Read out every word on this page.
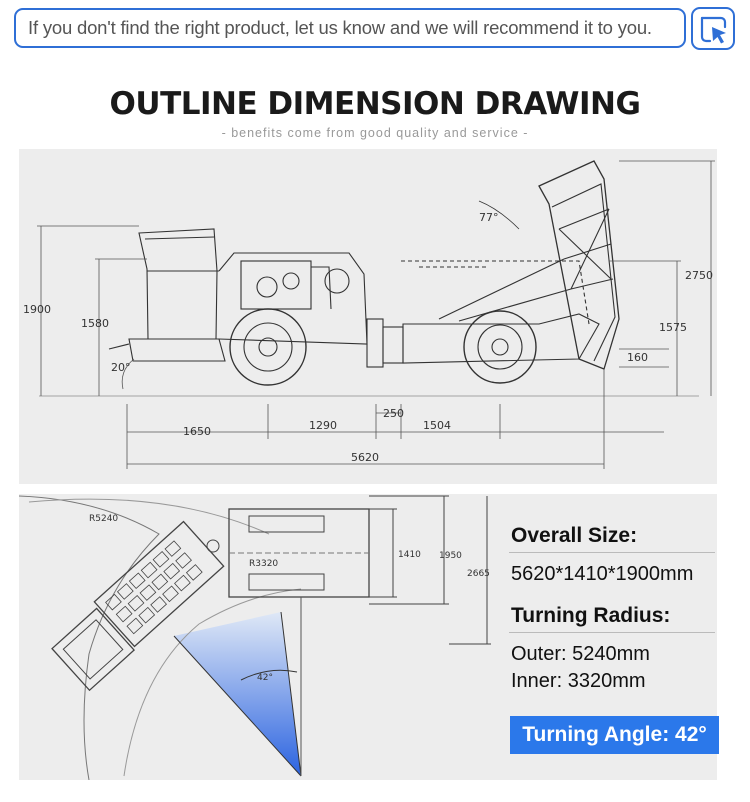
If you don't find the right product, let us know and we will recommend it to you.
OUTLINE DIMENSION DRAWING
- benefits come from good quality and service -
1900
1580
20°
1650	1290
250
1504
5620
2750
1575
160
77°
R5240
R3320
1410 1950
2665
42°
Overall Size:
5620*1410*1900mm
Turning Radius:
Outer: 5240mm
Inner: 3320mm
Turning Angle: 42°
